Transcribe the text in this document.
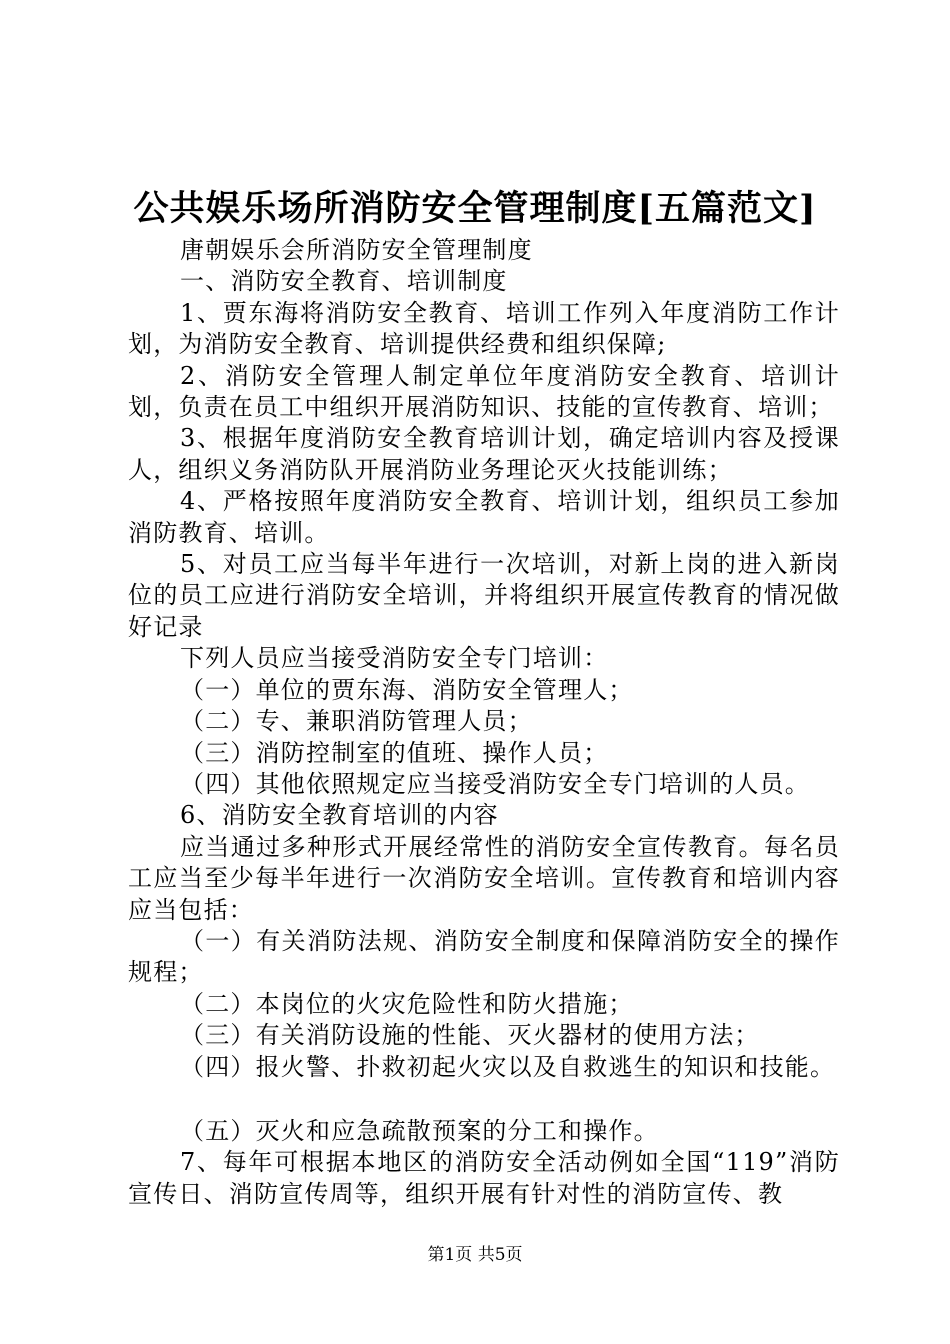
公共娱乐场所消防安全管理制度[五篇范文]

唐朝娱乐会所消防安全管理制度

一、消防安全教育、培训制度

1、贾东海将消防安全教育、培训工作列入年度消防工作计划，为消防安全教育、培训提供经费和组织保障;

2、消防安全管理人制定单位年度消防安全教育、培训计划，负责在员工中组织开展消防知识、技能的宣传教育、培训；

3、根据年度消防安全教育培训计划，确定培训内容及授课人，组织义务消防队开展消防业务理论灭火技能训练；

4、严格按照年度消防安全教育、培训计划，组织员工参加消防教育、培训。

5、对员工应当每半年进行一次培训，对新上岗的进入新岗位的员工应进行消防安全培训，并将组织开展宣传教育的情况做好记录

下列人员应当接受消防安全专门培训：

（一）单位的贾东海、消防安全管理人；

（二）专、兼职消防管理人员；

（三）消防控制室的值班、操作人员；

（四）其他依照规定应当接受消防安全专门培训的人员。

6、消防安全教育培训的内容

应当通过多种形式开展经常性的消防安全宣传教育。每名员工应当至少每半年进行一次消防安全培训。宣传教育和培训内容应当包括：

（一）有关消防法规、消防安全制度和保障消防安全的操作规程；

（二）本岗位的火灾危险性和防火措施；

（三）有关消防设施的性能、灭火器材的使用方法；

（四）报火警、扑救初起火灾以及自救逃生的知识和技能。

（五）灭火和应急疏散预案的分工和操作。

7、每年可根据本地区的消防安全活动例如全国“119”消防宣传日、消防宣传周等，组织开展有针对性的消防宣传、教

第1页 共5页
